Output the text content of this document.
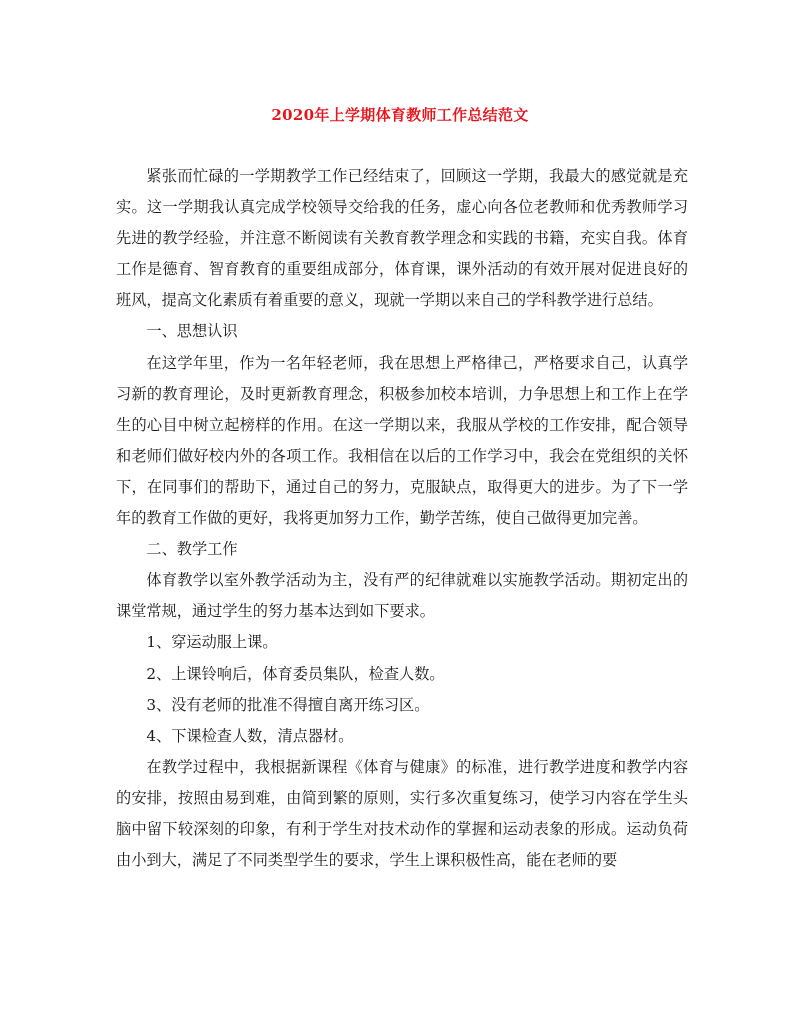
2020年上学期体育教师工作总结范文

紧张而忙碌的一学期教学工作已经结束了，回顾这一学期，我最大的感觉就是充实。这一学期我认真完成学校领导交给我的任务，虚心向各位老教师和优秀教师学习先进的教学经验，并注意不断阅读有关教育教学理念和实践的书籍，充实自我。体育工作是德育、智育教育的重要组成部分，体育课，课外活动的有效开展对促进良好的班风，提高文化素质有着重要的意义，现就一学期以来自己的学科教学进行总结。

一、思想认识

在这学年里，作为一名年轻老师，我在思想上严格律己，严格要求自己，认真学习新的教育理论，及时更新教育理念，积极参加校本培训，力争思想上和工作上在学生的心目中树立起榜样的作用。在这一学期以来，我服从学校的工作安排，配合领导和老师们做好校内外的各项工作。我相信在以后的工作学习中，我会在党组织的关怀下，在同事们的帮助下，通过自己的努力，克服缺点，取得更大的进步。为了下一学年的教育工作做的更好，我将更加努力工作，勤学苦练，使自己做得更加完善。

二、教学工作

体育教学以室外教学活动为主，没有严的纪律就难以实施教学活动。期初定出的课堂常规，通过学生的努力基本达到如下要求。

1、穿运动服上课。

2、上课铃响后，体育委员集队，检查人数。

3、没有老师的批准不得擅自离开练习区。

4、下课检查人数，清点器材。

在教学过程中，我根据新课程《体育与健康》的标准，进行教学进度和教学内容的安排，按照由易到难，由简到繁的原则，实行多次重复练习，使学习内容在学生头脑中留下较深刻的印象，有利于学生对技术动作的掌握和运动表象的形成。运动负荷由小到大，满足了不同类型学生的要求，学生上课积极性高，能在老师的要
